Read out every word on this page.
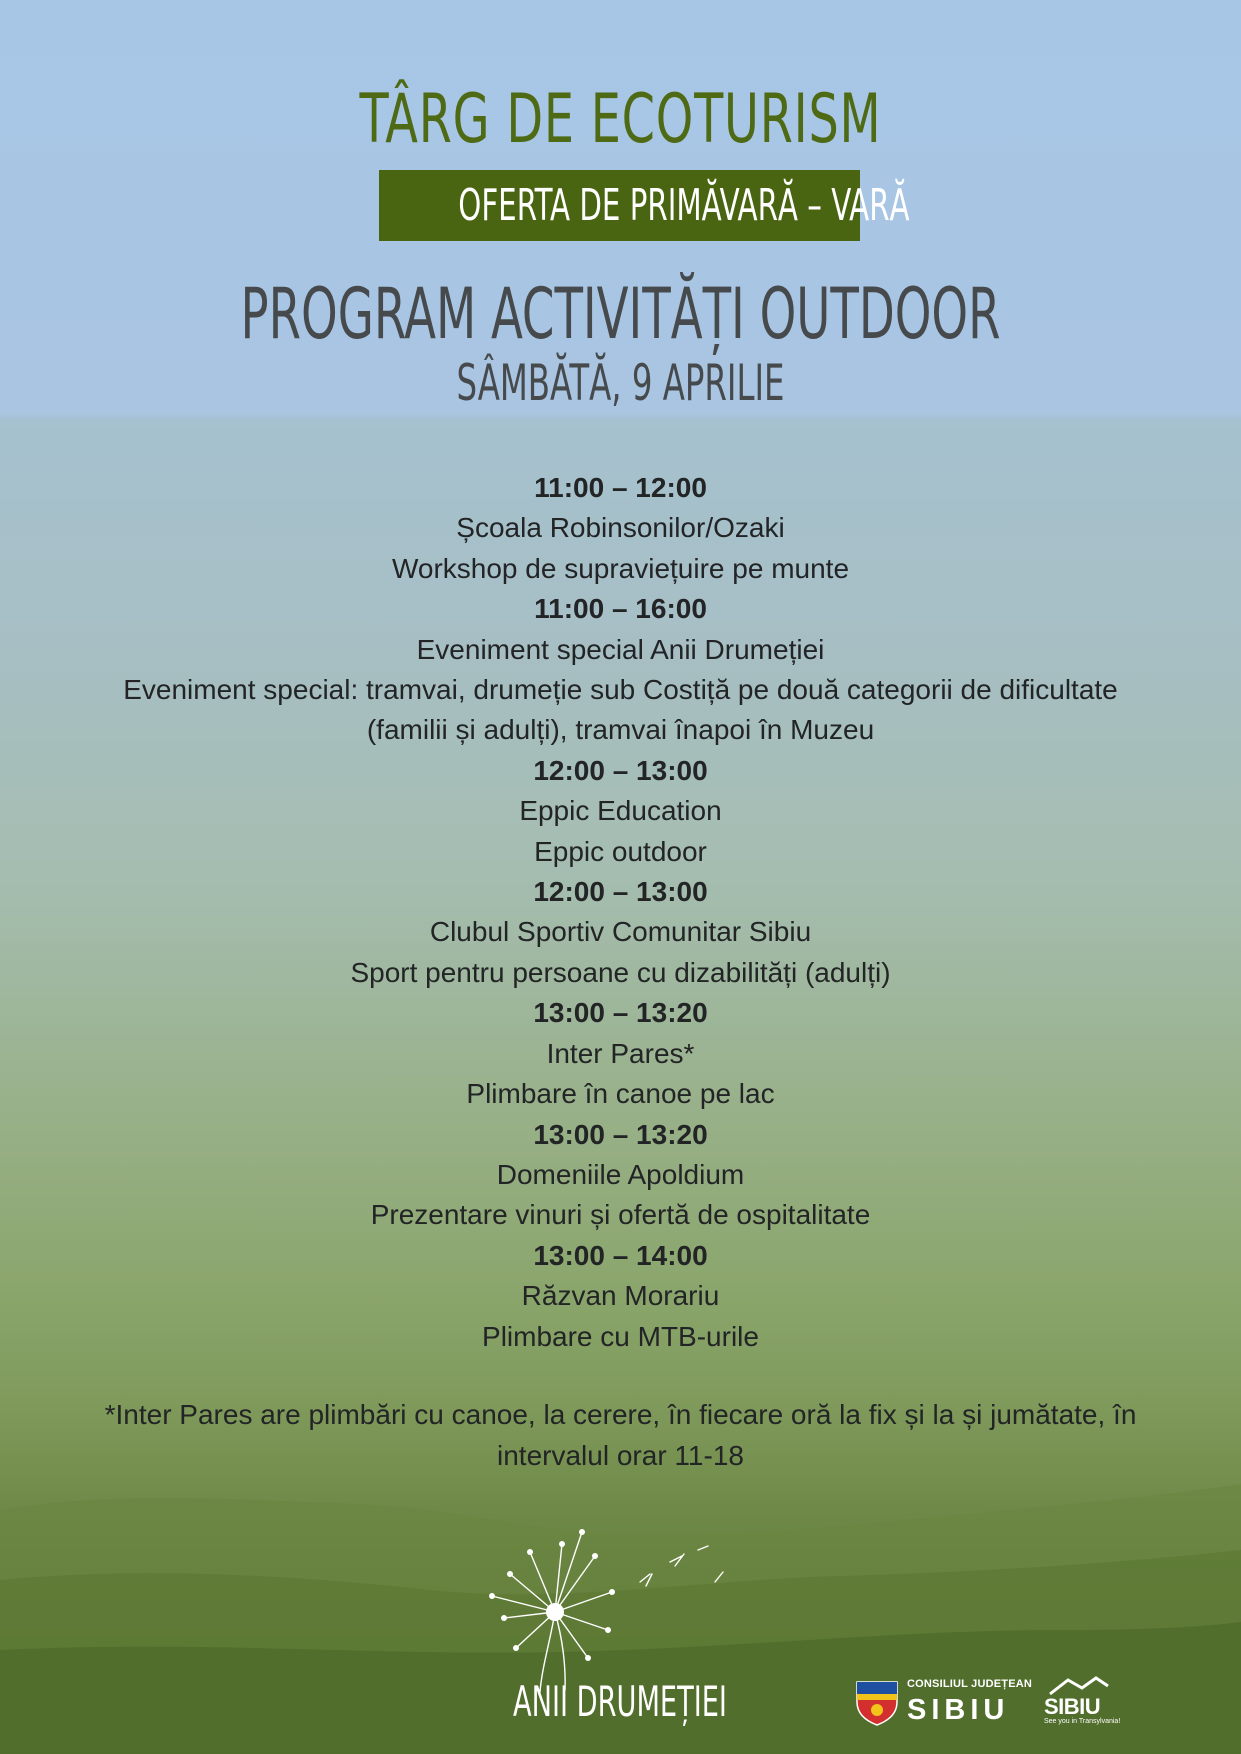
TÂRG DE ECOTURISM
OFERTA DE PRIMĂVARĂ – VARĂ
PROGRAM ACTIVITĂȚI OUTDOOR
SÂMBĂTĂ, 9 APRILIE
11:00 – 12:00
Școala Robinsonilor/Ozaki
Workshop de supraviețuire pe munte
11:00 – 16:00
Eveniment special Anii Drumeției
Eveniment special: tramvai, drumeție sub Costiță pe două categorii de dificultate (familii și adulți), tramvai înapoi în Muzeu
12:00 – 13:00
Eppic Education
Eppic outdoor
12:00 – 13:00
Clubul Sportiv Comunitar Sibiu
Sport pentru persoane cu dizabilități (adulți)
13:00 – 13:20
Inter Pares*
Plimbare în canoe pe lac
13:00 – 13:20
Domeniile Apoldium
Prezentare vinuri și ofertă de ospitalitate
13:00 – 14:00
Răzvan Morariu
Plimbare cu MTB-urile
*Inter Pares are plimbări cu canoe, la cerere, în fiecare oră la fix și la și jumătate, în intervalul orar 11-18
ANII DRUMEȚIEI	CONSILIUL JUDEȚEAN
SIBIU SIBIU
See you in Transylvania!
